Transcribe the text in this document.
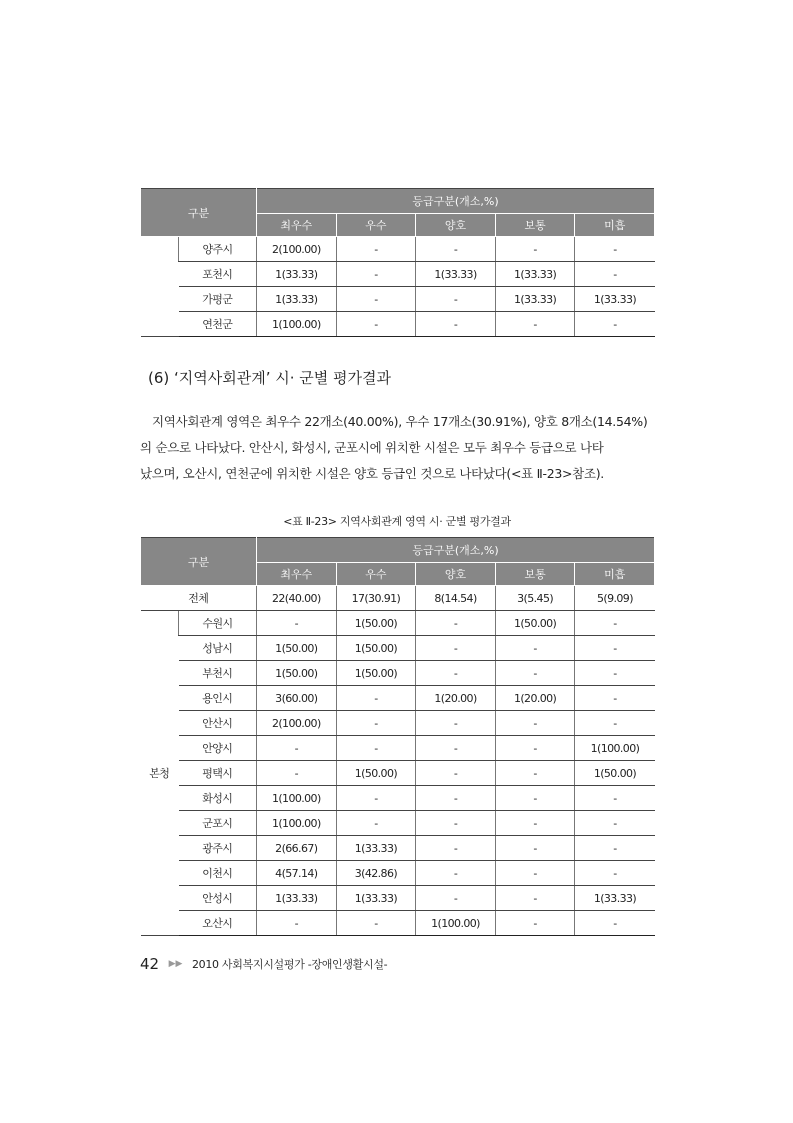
구분		등급구분(개소,%)				
		최우수	우수	양호	보통	미흡
	양주시	2(100.00)	-	-	-	-
	포천시	1(33.33)	-	1(33.33)	1(33.33)	-
	가평군	1(33.33)	-	-	1(33.33)	1(33.33)
	연천군	1(100.00)	-	-	-	-
(6) ‘지역사회관계’ 시· 군별 평가결과
지역사회관계 영역은 최우수 22개소(40.00%), 우수 17개소(30.91%), 양호 8개소(14.54%)
의 순으로 나타났다. 안산시, 화성시, 군포시에 위치한 시설은 모두 최우수 등급으로 나타
났으며, 오산시, 연천군에 위치한 시설은 양호 등급인 것으로 나타났다(<표 Ⅱ-23>참조).
<표 Ⅱ-23> 지역사회관계 영역 시· 군별 평가결과
구분		등급구분(개소,%)				
		최우수	우수	양호	보통	미흡
전체		22(40.00)	17(30.91)	8(14.54)	3(5.45)	5(9.09)
본청	수원시	-	1(50.00)	-	1(50.00)	-
	성남시	1(50.00)	1(50.00)	-	-	-
	부천시	1(50.00)	1(50.00)	-	-	-
	용인시	3(60.00)	-	1(20.00)	1(20.00)	-
	안산시	2(100.00)	-	-	-	-
	안양시	-	-	-	-	1(100.00)
	평택시	-	1(50.00)	-	-	1(50.00)
	화성시	1(100.00)	-	-	-	-
	군포시	1(100.00)	-	-	-	-
	광주시	2(66.67)	1(33.33)	-	-	-
	이천시	4(57.14)	3(42.86)	-	-	-
	안성시	1(33.33)	1(33.33)	-	-	1(33.33)
	오산시	-	-	1(100.00)	-	-
42 ▶▶ 2010 사회복지시설평가 -장애인생활시설-
